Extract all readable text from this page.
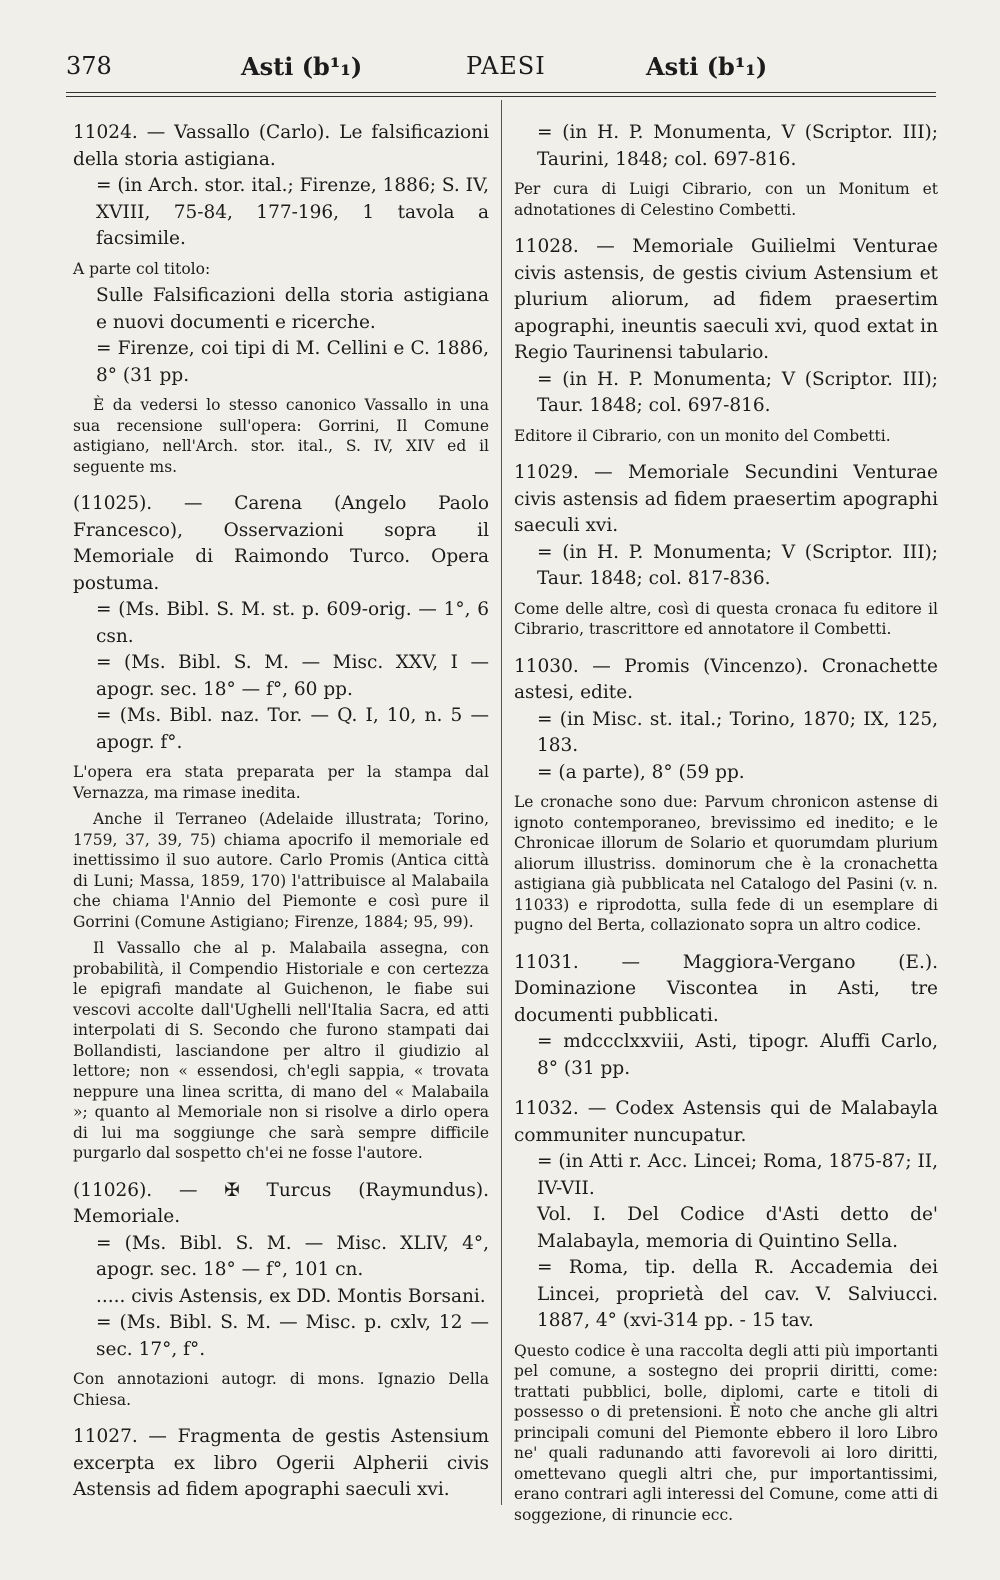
378	Asti (b¹₁)	PAESI	Asti (b¹₁)

11024. — Vassallo (Carlo). Le falsificazioni della storia astigiana.

= (in Arch. stor. ital.; Firenze, 1886; S. IV, XVIII, 75-84, 177-196, 1 tavola a facsimile.

A parte col titolo:

Sulle Falsificazioni della storia astigiana e nuovi documenti e ricerche.

= Firenze, coi tipi di M. Cellini e C. 1886, 8° (31 pp.

È da vedersi lo stesso canonico Vassallo in una sua recensione sull'opera: Gorrini, Il Comune astigiano, nell'Arch. stor. ital., S. IV, XIV ed il seguente ms.

(11025). — Carena (Angelo Paolo Francesco), Osservazioni sopra il Memoriale di Raimondo Turco. Opera postuma.

= (Ms. Bibl. S. M. st. p. 609-orig. — 1°, 6 csn.

= (Ms. Bibl. S. M. — Misc. XXV, I — apogr. sec. 18° — f°, 60 pp.

= (Ms. Bibl. naz. Tor. — Q. I, 10, n. 5 — apogr. f°.

L'opera era stata preparata per la stampa dal Vernazza, ma rimase inedita.

Anche il Terraneo (Adelaide illustrata; Torino, 1759, 37, 39, 75) chiama apocrifo il memoriale ed inettissimo il suo autore. Carlo Promis (Antica città di Luni; Massa, 1859, 170) l'attribuisce al Malabaila che chiama l'Annio del Piemonte e così pure il Gorrini (Comune Astigiano; Firenze, 1884; 95, 99).

Il Vassallo che al p. Malabaila assegna, con probabilità, il Compendio Historiale e con certezza le epigrafi mandate al Guichenon, le fiabe sui vescovi accolte dall'Ughelli nell'Italia Sacra, ed atti interpolati di S. Secondo che furono stampati dai Bollandisti, lasciandone per altro il giudizio al lettore; non « essendosi, ch'egli sappia, « trovata neppure una linea scritta, di mano del « Malabaila »; quanto al Memoriale non si risolve a dirlo opera di lui ma soggiunge che sarà sempre difficile purgarlo dal sospetto ch'ei ne fosse l'autore.

(11026). — ✠ Turcus (Raymundus). Memoriale.

= (Ms. Bibl. S. M. — Misc. XLIV, 4°, apogr. sec. 18° — f°, 101 cn.

..... civis Astensis, ex DD. Montis Borsani.

= (Ms. Bibl. S. M. — Misc. p. cxlv, 12 — sec. 17°, f°.

Con annotazioni autogr. di mons. Ignazio Della Chiesa.

11027. — Fragmenta de gestis Astensium excerpta ex libro Ogerii Alpherii civis Astensis ad fidem apographi saeculi xvi.

= (in H. P. Monumenta, V (Scriptor. III); Taurini, 1848; col. 697-816.

Per cura di Luigi Cibrario, con un Monitum et adnotationes di Celestino Combetti.

11028. — Memoriale Guilielmi Venturae civis astensis, de gestis civium Astensium et plurium aliorum, ad fidem praesertim apographi, ineuntis saeculi xvi, quod extat in Regio Taurinensi tabulario.

= (in H. P. Monumenta; V (Scriptor. III); Taur. 1848; col. 697-816.

Editore il Cibrario, con un monito del Combetti.

11029. — Memoriale Secundini Venturae civis astensis ad fidem praesertim apographi saeculi xvi.

= (in H. P. Monumenta; V (Scriptor. III); Taur. 1848; col. 817-836.

Come delle altre, così di questa cronaca fu editore il Cibrario, trascrittore ed annotatore il Combetti.

11030. — Promis (Vincenzo). Cronachette astesi, edite.

= (in Misc. st. ital.; Torino, 1870; IX, 125, 183.

= (a parte), 8° (59 pp.

Le cronache sono due: Parvum chronicon astense di ignoto contemporaneo, brevissimo ed inedito; e le Chronicae illorum de Solario et quorumdam plurium aliorum illustriss. dominorum che è la cronachetta astigiana già pubblicata nel Catalogo del Pasini (v. n. 11033) e riprodotta, sulla fede di un esemplare di pugno del Berta, collazionato sopra un altro codice.

11031. — Maggiora-Vergano (E.). Dominazione Viscontea in Asti, tre documenti pubblicati.

= mdccclxxviii, Asti, tipogr. Aluffi Carlo, 8° (31 pp.

11032. — Codex Astensis qui de Malabayla communiter nuncupatur.

= (in Atti r. Acc. Lincei; Roma, 1875-87; II, IV-VII.

Vol. I. Del Codice d'Asti detto de' Malabayla, memoria di Quintino Sella.

= Roma, tip. della R. Accademia dei Lincei, proprietà del cav. V. Salviucci. 1887, 4° (xvi-314 pp. - 15 tav.

Questo codice è una raccolta degli atti più importanti pel comune, a sostegno dei proprii diritti, come: trattati pubblici, bolle, diplomi, carte e titoli di possesso o di pretensioni. È noto che anche gli altri principali comuni del Piemonte ebbero il loro Libro ne' quali radunando atti favorevoli ai loro diritti, omettevano quegli altri che, pur importantissimi, erano contrari agli interessi del Comune, come atti di soggezione, di rinuncie ecc.
